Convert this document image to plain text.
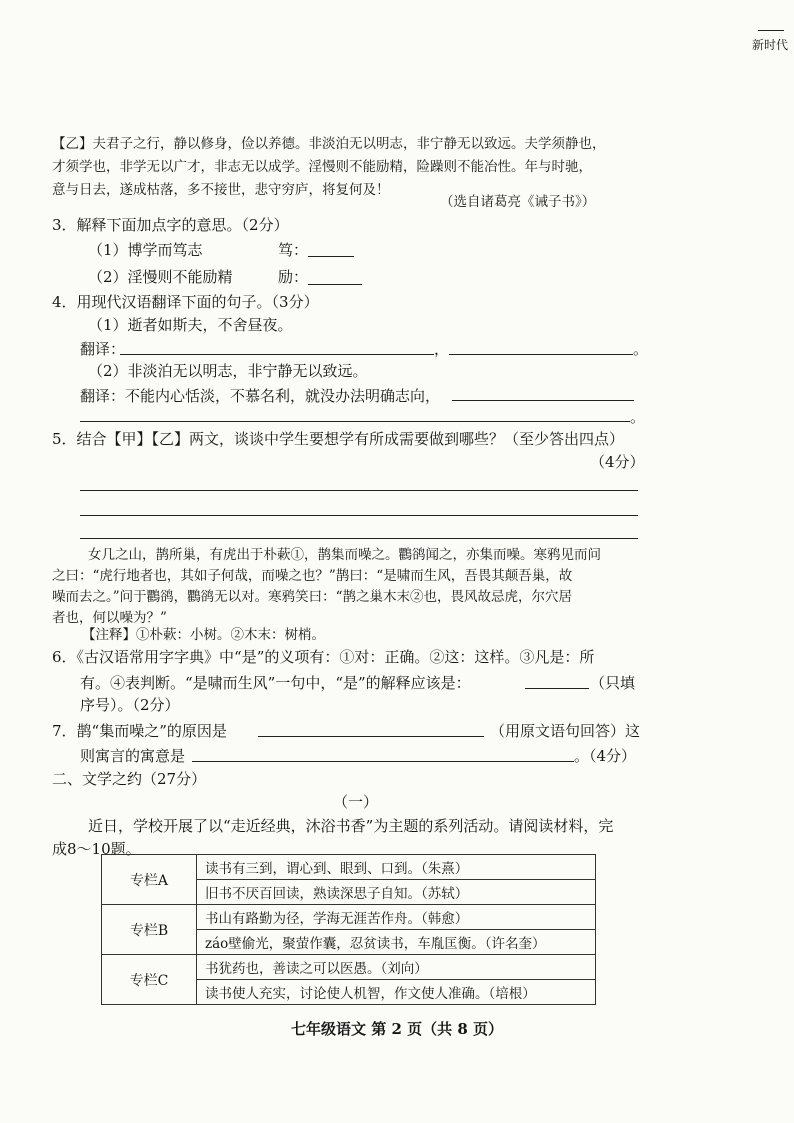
新时代
【乙】夫君子之行，静以修身，俭以养德。非淡泊无以明志，非宁静无以致远。夫学须静也，
才须学也，非学无以广才，非志无以成学。淫慢则不能励精，险躁则不能冶性。年与时驰，
意与日去，遂成枯落，多不接世，悲守穷庐，将复何及！
（选自诸葛亮《诫子书》）
3．解释下面加点字的意思。（2分）
（1）博学而笃志	笃：
（2）淫慢则不能励精	励：
4．用现代汉语翻译下面的句子。（3分）
（1）逝者如斯夫，不舍昼夜。
翻译：	，	。
（2）非淡泊无以明志，非宁静无以致远。
翻译：不能内心恬淡，不慕名利，就没办法明确志向，
。
5．结合【甲】【乙】两文，谈谈中学生要想学有所成需要做到哪些？（至少答出四点）
（4分）
女几之山，鹊所巢，有虎出于朴蔌①，鹊集而噪之。鸜鹆闻之，亦集而噪。寒鸦见而问
之曰：“虎行地者也，其如子何哉，而噪之也？”鹊曰：“是啸而生风，吾畏其颠吾巢，故
噪而去之。”问于鸜鹆，鸜鹆无以对。寒鸦笑曰：“鹊之巢木末②也，畏风故忌虎，尔穴居
者也，何以噪为？”
【注释】①朴蔌：小树。②木末：树梢。
6．《古汉语常用字字典》中“是”的义项有：①对：正确。②这：这样。③凡是：所
有。④表判断。“是啸而生风”一句中，“是”的解释应该是：	（只填
序号）。（2分）
7．鹊“集而噪之”的原因是	（用原文语句回答）这
则寓言的寓意是	。（4分）
二、文学之约（27分）
（一）
近日，学校开展了以“走近经典，沐浴书香”为主题的系列活动。请阅读材料，完
成8～10题。
专栏A	读书有三到，谓心到、眼到、口到。（朱熹）
	旧书不厌百回读，熟读深思子自知。（苏轼）
专栏B	书山有路勤为径，学海无涯苦作舟。（韩愈）
	záo壁偷光，聚萤作囊，忍贫读书，车胤匡衡。（许名奎）
专栏C	书犹药也，善读之可以医愚。（刘向）
	读书使人充实，讨论使人机智，作文使人准确。（培根）
七年级语文 第 2 页（共 8 页）
